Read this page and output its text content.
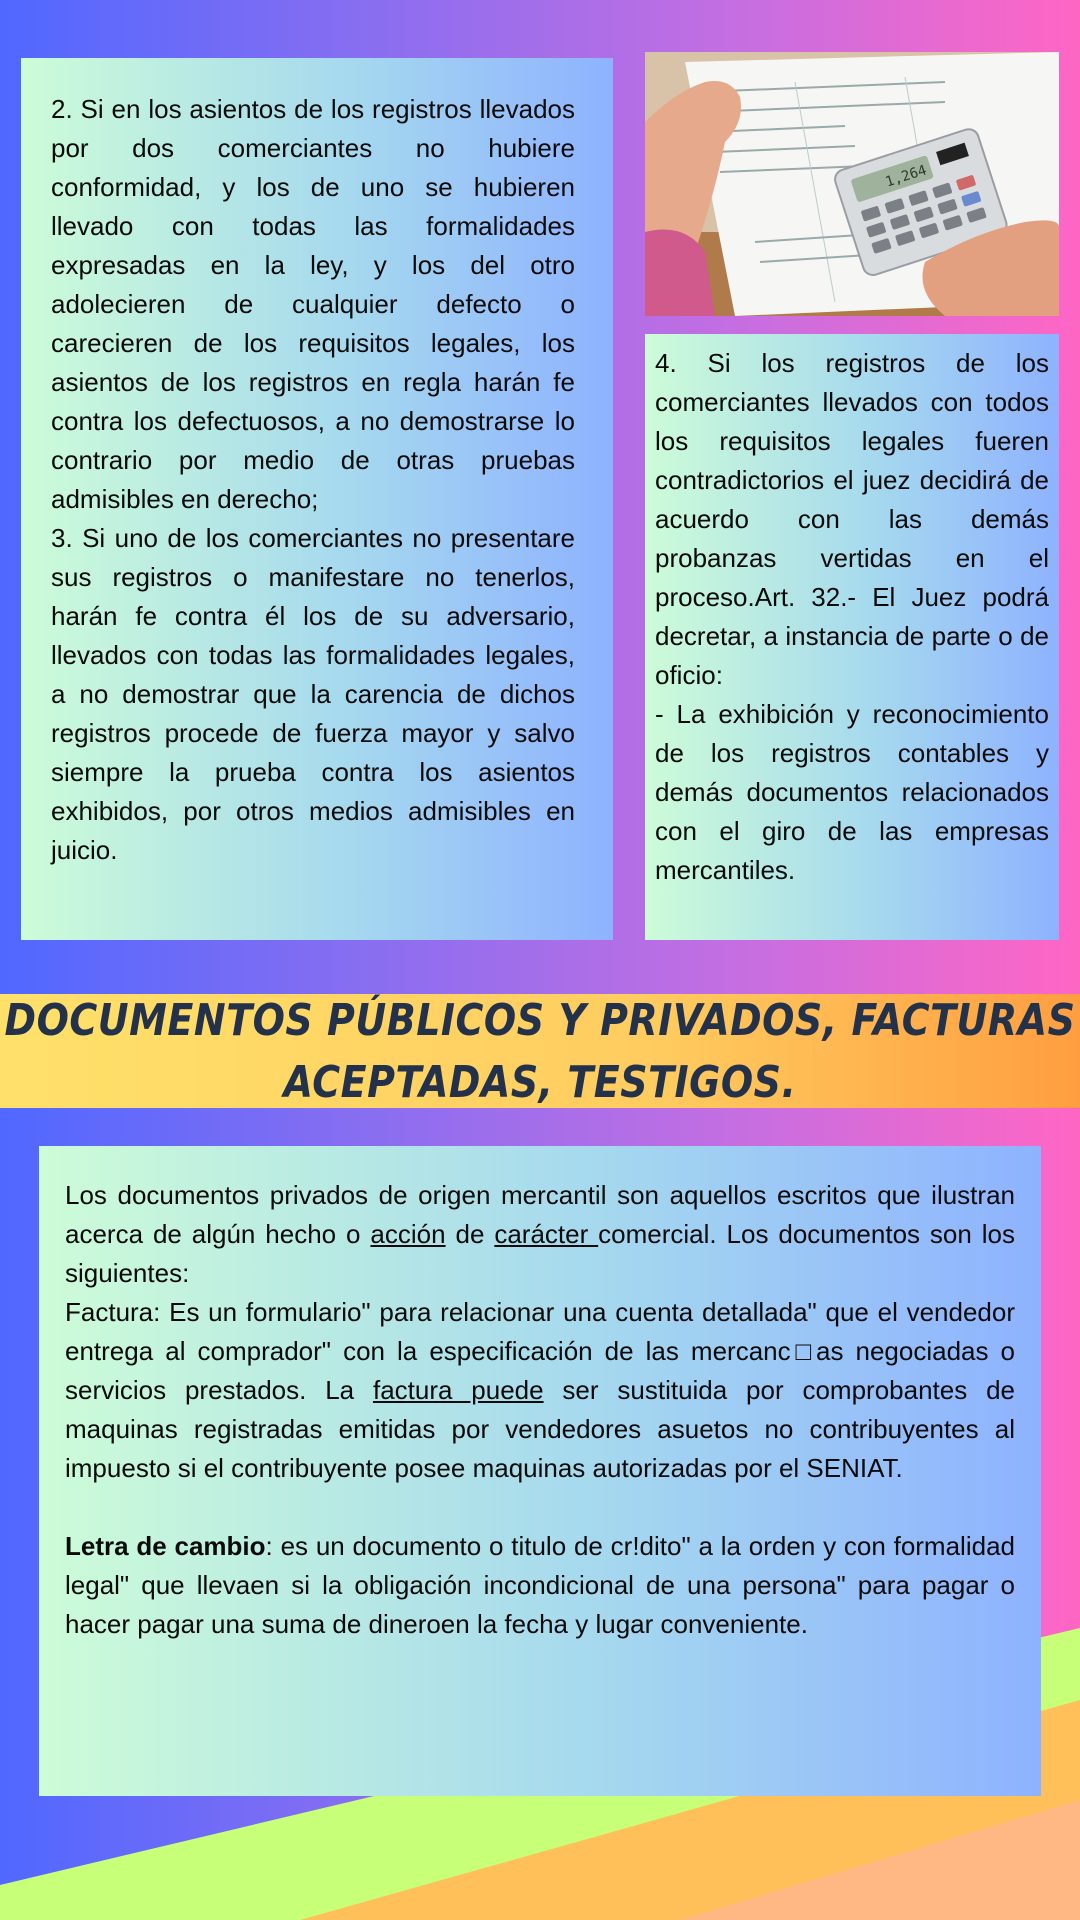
2. Si en los asientos de los registros llevados por dos comerciantes no hubiere conformidad, y los de uno se hubieren llevado con todas las formalidades expresadas en la ley, y los del otro adolecieren de cualquier defecto o carecieren de los requisitos legales, los asientos de los registros en regla harán fe contra los defectuosos, a no demostrarse lo contrario por medio de otras pruebas admisibles en derecho;

3. Si uno de los comerciantes no presentare sus registros o manifestare no tenerlos, harán fe contra él los de su adversario, llevados con todas las formalidades legales, a no demostrar que la carencia de dichos registros procede de fuerza mayor y salvo siempre la prueba contra los asientos exhibidos, por otros medios admisibles en juicio.

1,264

4. Si los registros de los comerciantes llevados con todos los requisitos legales fueren contradictorios el juez decidirá de acuerdo con las demás probanzas vertidas en el proceso.Art. 32.- El Juez podrá decretar, a instancia de parte o de oficio:

- La exhibición y reconocimiento de los registros contables y demás documentos relacionados con el giro de las empresas mercantiles.

DOCUMENTOS PÚBLICOS Y PRIVADOS, FACTURAS ACEPTADAS, TESTIGOS.

Los documentos privados de origen mercantil son aquellos escritos que ilustran acerca de algún hecho o acción de carácter comercial. Los documentos son los siguientes:

Factura: Es un formulario" para relacionar una cuenta detallada" que el vendedor entrega al comprador" con la especificación de las mercanc□as negociadas o servicios prestados. La factura puede ser sustituida por comprobantes de maquinas registradas emitidas por vendedores asuetos no contribuyentes al impuesto si el contribuyente posee maquinas autorizadas por el SENIAT.

Letra de cambio: es un documento o titulo de cr!dito" a la orden y con formalidad legal" que llevaen si la obligación incondicional de una persona" para pagar o hacer pagar una suma de dineroen la fecha y lugar conveniente.
